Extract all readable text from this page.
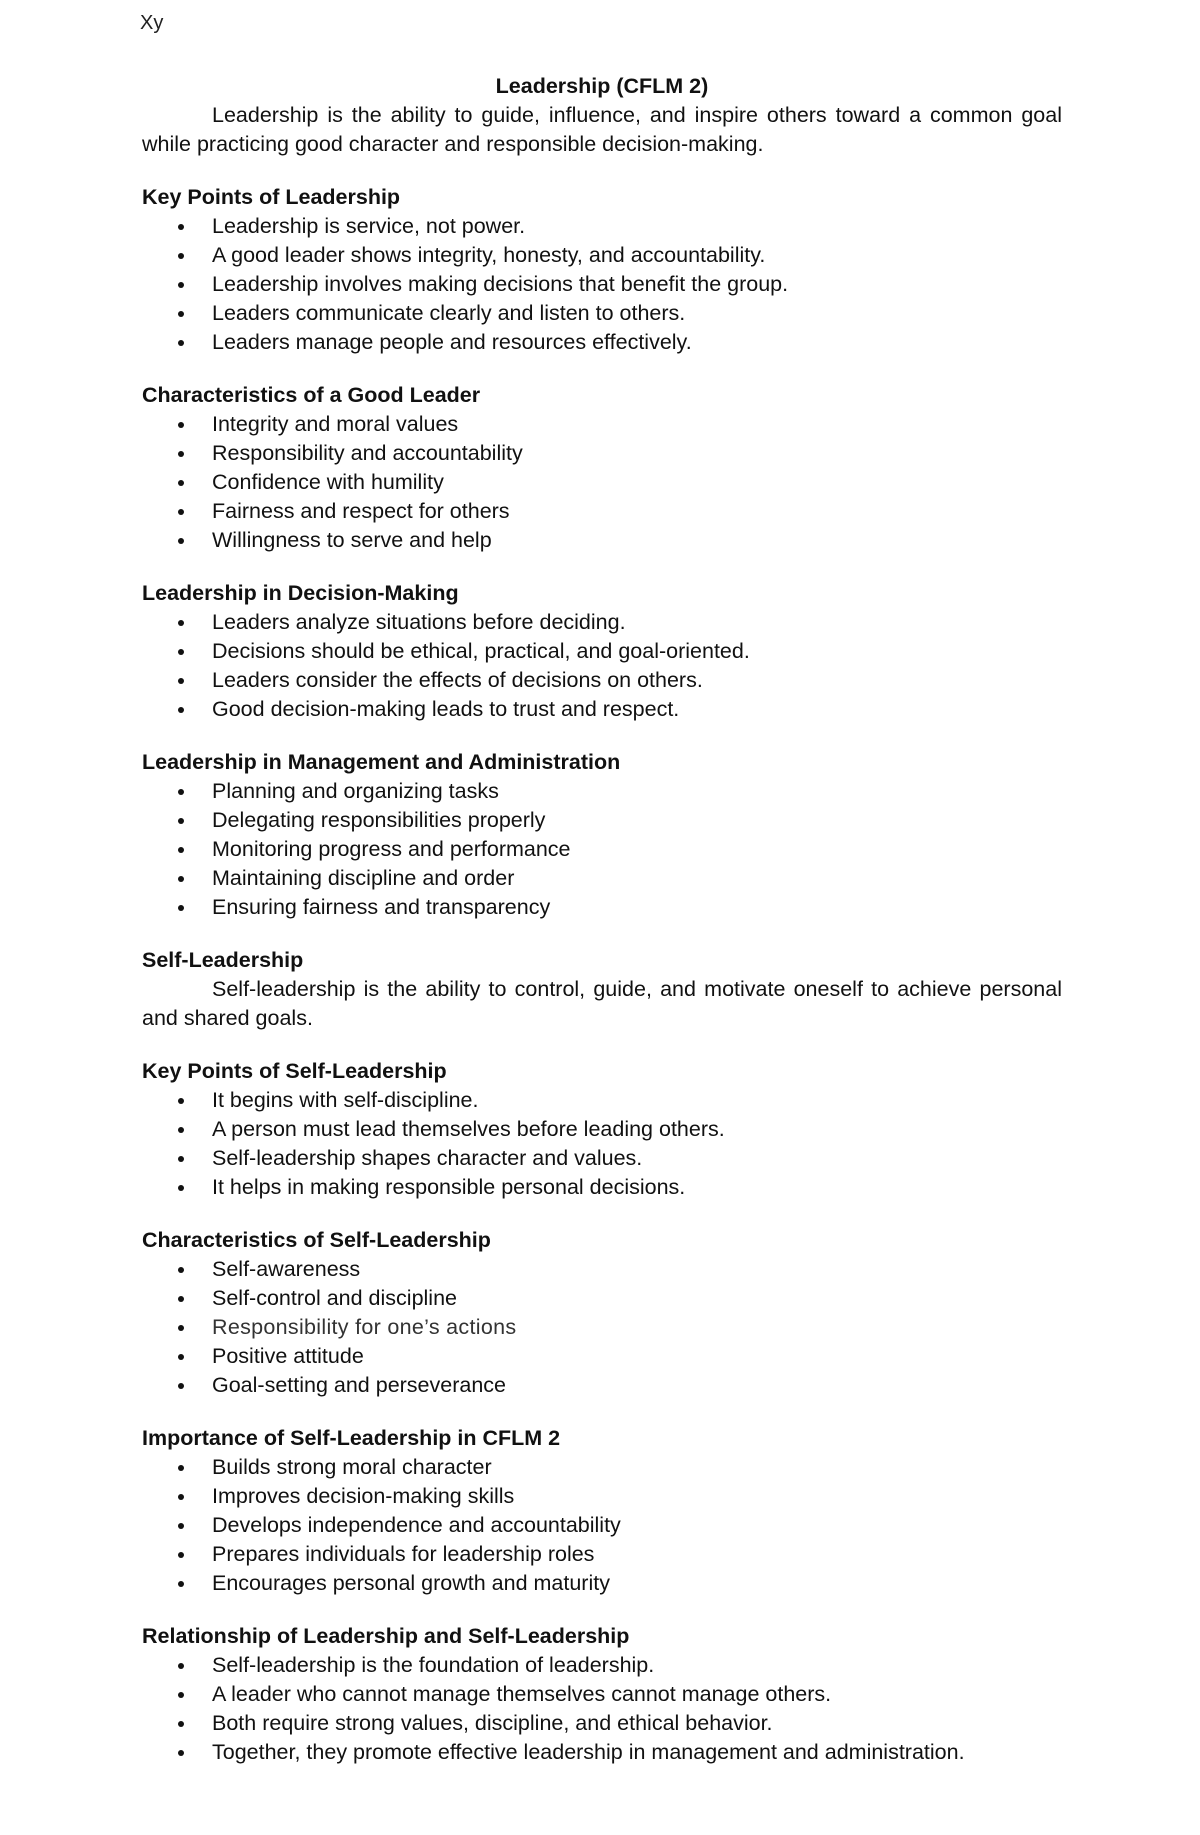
Xy

Leadership (CFLM 2)

Leadership is the ability to guide, influence, and inspire others toward a common goal while practicing good character and responsible decision-making.

Key Points of Leadership

Leadership is service, not power.
A good leader shows integrity, honesty, and accountability.
Leadership involves making decisions that benefit the group.
Leaders communicate clearly and listen to others.
Leaders manage people and resources effectively.

Characteristics of a Good Leader

Integrity and moral values
Responsibility and accountability
Confidence with humility
Fairness and respect for others
Willingness to serve and help

Leadership in Decision-Making

Leaders analyze situations before deciding.
Decisions should be ethical, practical, and goal-oriented.
Leaders consider the effects of decisions on others.
Good decision-making leads to trust and respect.

Leadership in Management and Administration

Planning and organizing tasks
Delegating responsibilities properly
Monitoring progress and performance
Maintaining discipline and order
Ensuring fairness and transparency

Self-Leadership

Self-leadership is the ability to control, guide, and motivate oneself to achieve personal and shared goals.

Key Points of Self-Leadership

It begins with self-discipline.
A person must lead themselves before leading others.
Self-leadership shapes character and values.
It helps in making responsible personal decisions.

Characteristics of Self-Leadership

Self-awareness
Self-control and discipline
Responsibility for one’s actions
Positive attitude
Goal-setting and perseverance

Importance of Self-Leadership in CFLM 2

Builds strong moral character
Improves decision-making skills
Develops independence and accountability
Prepares individuals for leadership roles
Encourages personal growth and maturity

Relationship of Leadership and Self-Leadership

Self-leadership is the foundation of leadership.
A leader who cannot manage themselves cannot manage others.
Both require strong values, discipline, and ethical behavior.
Together, they promote effective leadership in management and administration.
